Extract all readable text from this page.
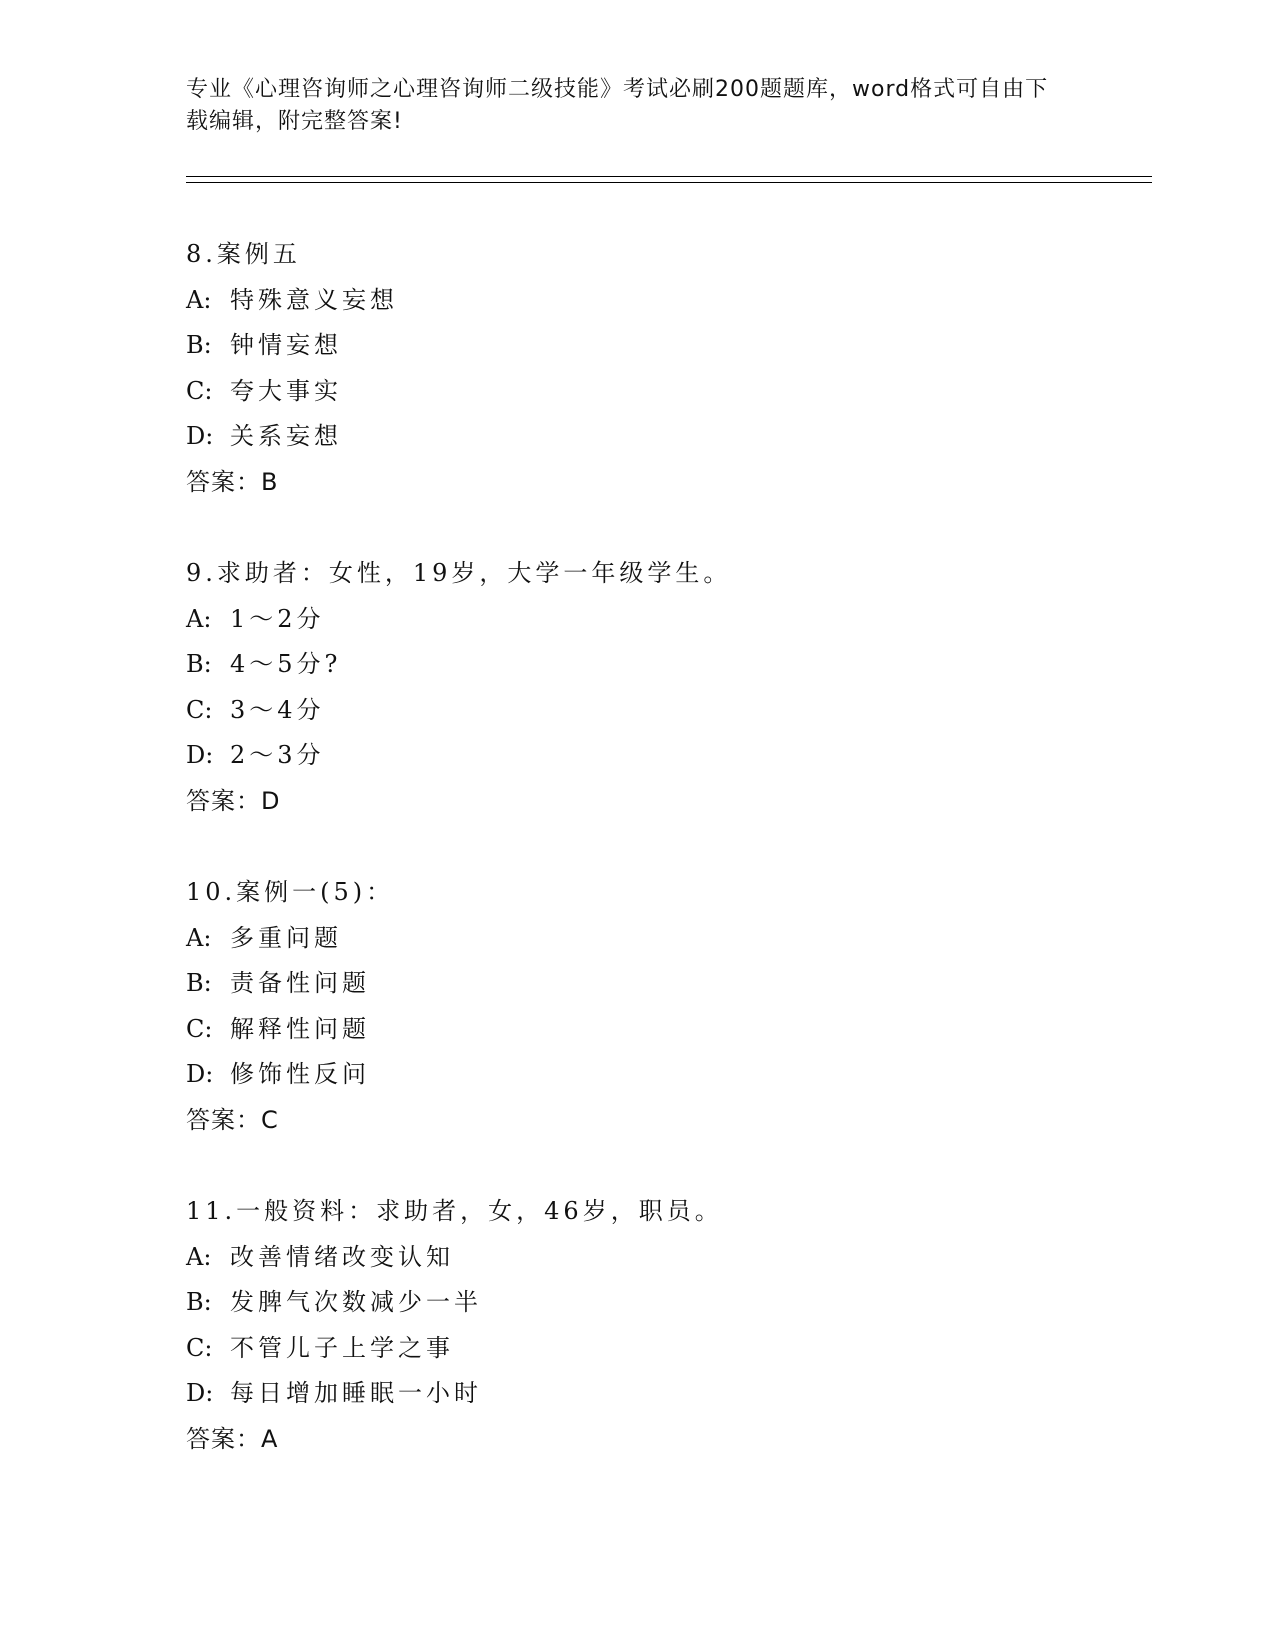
专业《心理咨询师之心理咨询师二级技能》考试必刷200题题库，word格式可自由下载编辑，附完整答案!
8.案例五
A: 特殊意义妄想
B: 钟情妄想
C: 夸大事实
D: 关系妄想
答案：B
9.求助者：女性，19岁，大学一年级学生。
A: 1～2分
B: 4～5分?
C: 3～4分
D: 2～3分
答案：D
10.案例一(5)：
A: 多重问题
B: 责备性问题
C: 解释性问题
D: 修饰性反问
答案：C
11.一般资料：求助者，女，46岁，职员。
A: 改善情绪改变认知
B: 发脾气次数减少一半
C: 不管儿子上学之事
D: 每日增加睡眠一小时
答案：A
